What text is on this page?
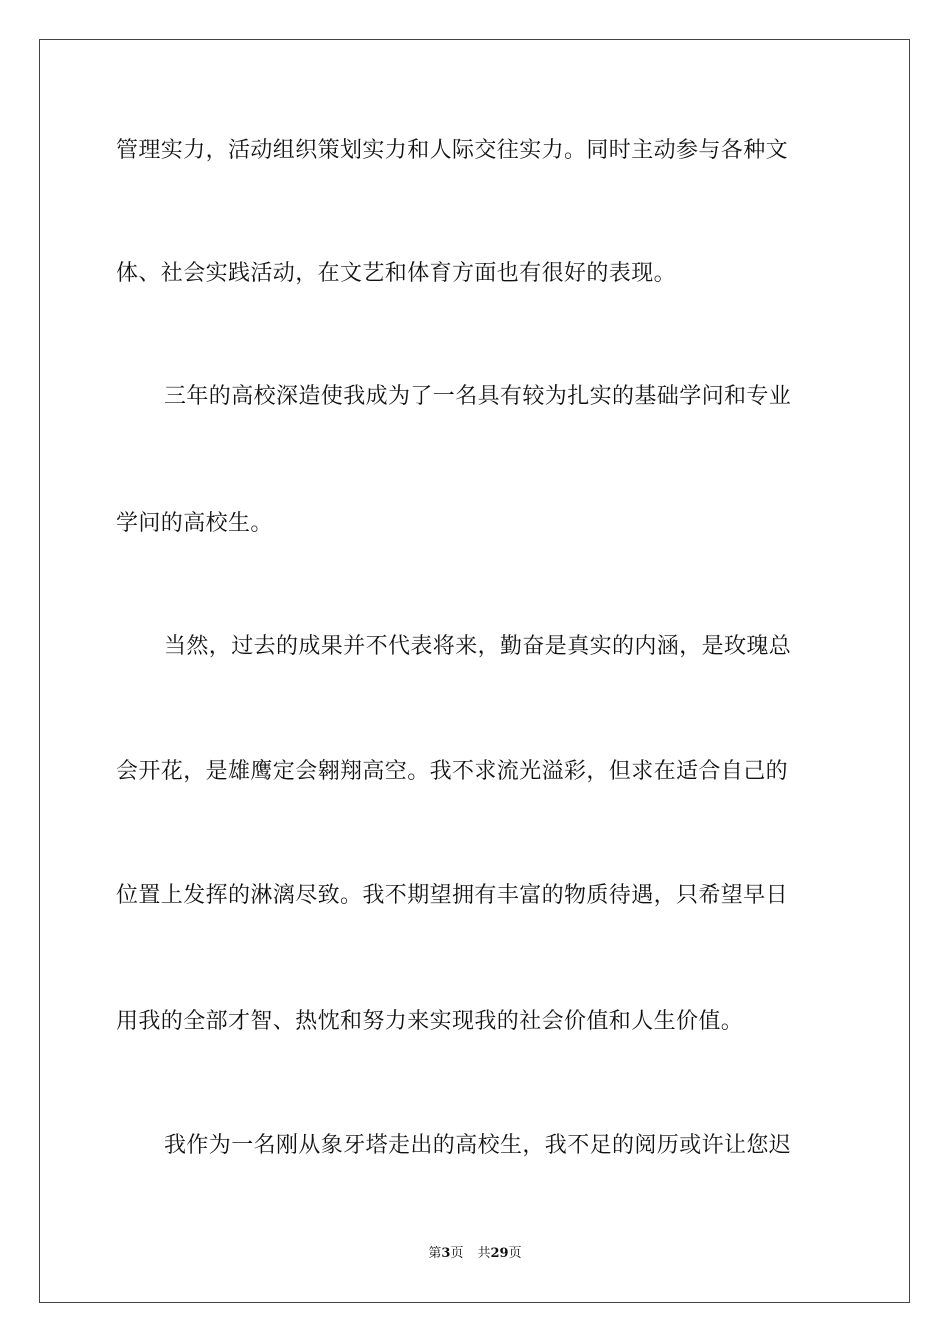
管理实力，活动组织策划实力和人际交往实力。同时主动参与各种文
体、社会实践活动，在文艺和体育方面也有很好的表现。
三年的高校深造使我成为了一名具有较为扎实的基础学问和专业
学问的高校生。
当然，过去的成果并不代表将来，勤奋是真实的内涵，是玫瑰总
会开花，是雄鹰定会翱翔高空。我不求流光溢彩，但求在适合自己的
位置上发挥的淋漓尽致。我不期望拥有丰富的物质待遇，只希望早日
用我的全部才智、热忱和努力来实现我的社会价值和人生价值。
我作为一名刚从象牙塔走出的高校生，我不足的阅历或许让您迟
第3页 共29页
